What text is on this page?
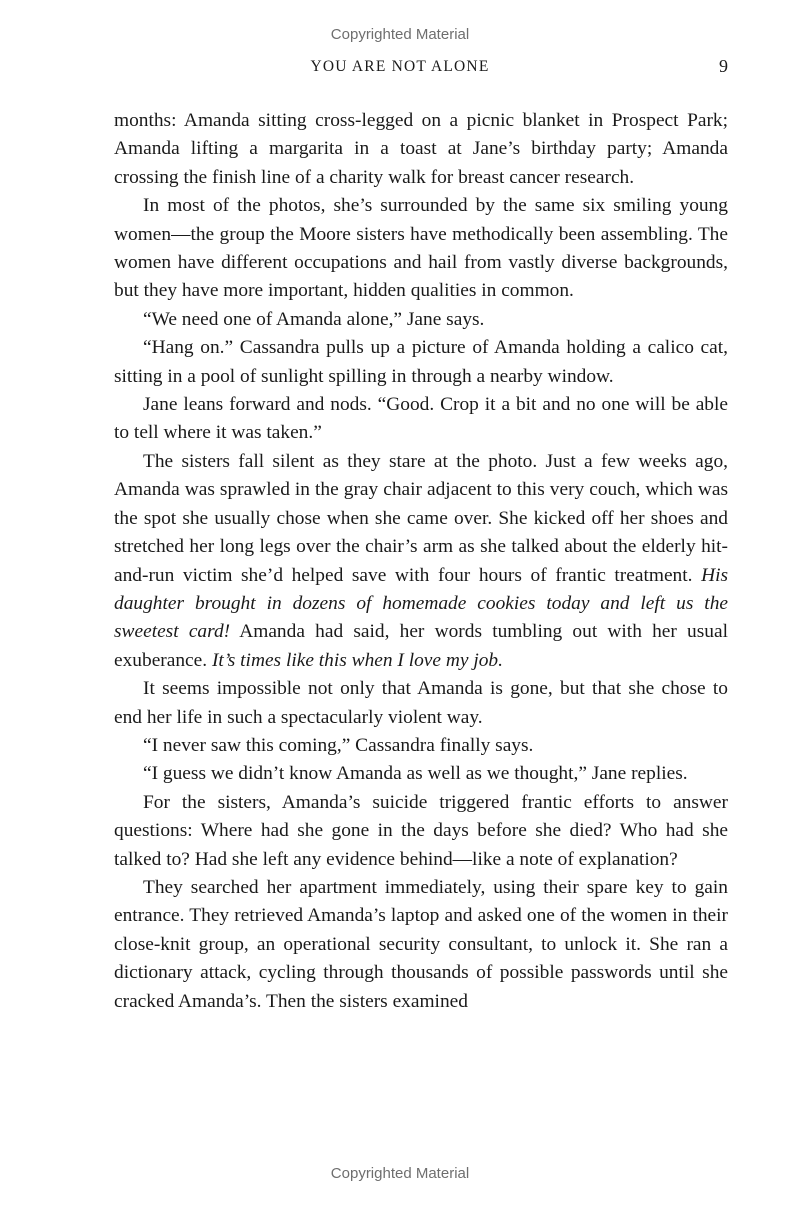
Copyrighted Material
YOU ARE NOT ALONE	9

months: Amanda sitting cross-legged on a picnic blanket in Prospect Park; Amanda lifting a margarita in a toast at Jane’s birthday party; Amanda crossing the finish line of a charity walk for breast cancer research.

In most of the photos, she’s surrounded by the same six smiling young women—the group the Moore sisters have methodically been assembling. The women have different occupations and hail from vastly diverse backgrounds, but they have more important, hidden qualities in common.

“We need one of Amanda alone,” Jane says.

“Hang on.” Cassandra pulls up a picture of Amanda holding a calico cat, sitting in a pool of sunlight spilling in through a nearby window.

Jane leans forward and nods. “Good. Crop it a bit and no one will be able to tell where it was taken.”

The sisters fall silent as they stare at the photo. Just a few weeks ago, Amanda was sprawled in the gray chair adjacent to this very couch, which was the spot she usually chose when she came over. She kicked off her shoes and stretched her long legs over the chair’s arm as she talked about the elderly hit-and-run victim she’d helped save with four hours of frantic treatment. His daughter brought in dozens of homemade cookies today and left us the sweetest card! Amanda had said, her words tumbling out with her usual exuberance. It’s times like this when I love my job.

It seems impossible not only that Amanda is gone, but that she chose to end her life in such a spectacularly violent way.

“I never saw this coming,” Cassandra finally says.

“I guess we didn’t know Amanda as well as we thought,” Jane replies.

For the sisters, Amanda’s suicide triggered frantic efforts to answer questions: Where had she gone in the days before she died? Who had she talked to? Had she left any evidence behind—like a note of explanation?

They searched her apartment immediately, using their spare key to gain entrance. They retrieved Amanda’s laptop and asked one of the women in their close-knit group, an operational security consultant, to unlock it. She ran a dictionary attack, cycling through thousands of possible passwords until she cracked Amanda’s. Then the sisters examined

Copyrighted Material
